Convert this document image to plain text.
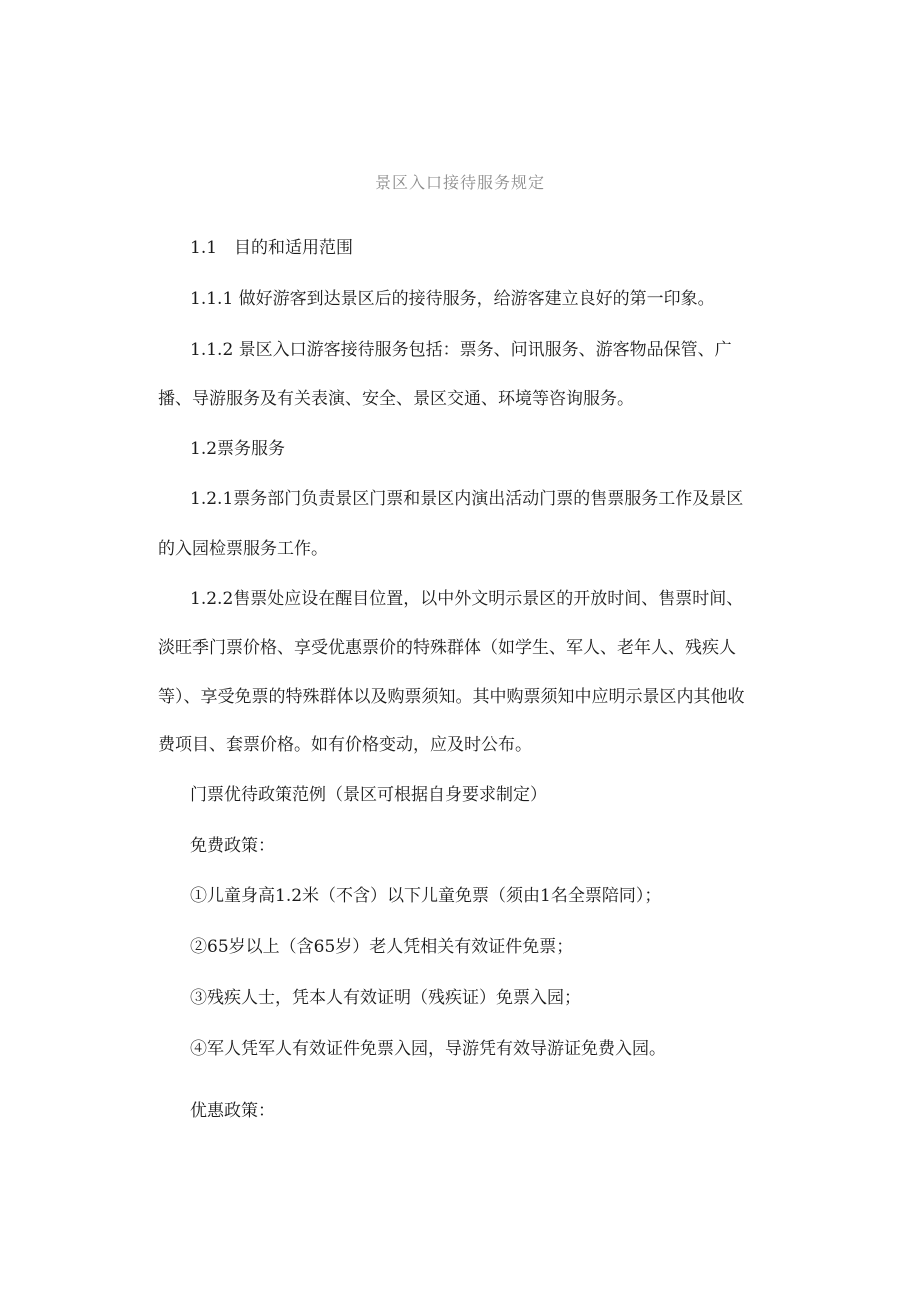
景区入口接待服务规定
1.1　目的和适用范围
1.1.1 做好游客到达景区后的接待服务，给游客建立良好的第一印象。
1.1.2 景区入口游客接待服务包括：票务、问讯服务、游客物品保管、广
播、导游服务及有关表演、安全、景区交通、环境等咨询服务。
1.2票务服务
1.2.1票务部门负责景区门票和景区内演出活动门票的售票服务工作及景区
的入园检票服务工作。
1.2.2售票处应设在醒目位置，以中外文明示景区的开放时间、售票时间、
淡旺季门票价格、享受优惠票价的特殊群体（如学生、军人、老年人、残疾人
等）、享受免票的特殊群体以及购票须知。其中购票须知中应明示景区内其他收
费项目、套票价格。如有价格变动，应及时公布。
门票优待政策范例（景区可根据自身要求制定）
免费政策：
①儿童身高1.2米（不含）以下儿童免票（须由1名全票陪同）；
②65岁以上（含65岁）老人凭相关有效证件免票；
③残疾人士，凭本人有效证明（残疾证）免票入园；
④军人凭军人有效证件免票入园，导游凭有效导游证免费入园。
优惠政策：
